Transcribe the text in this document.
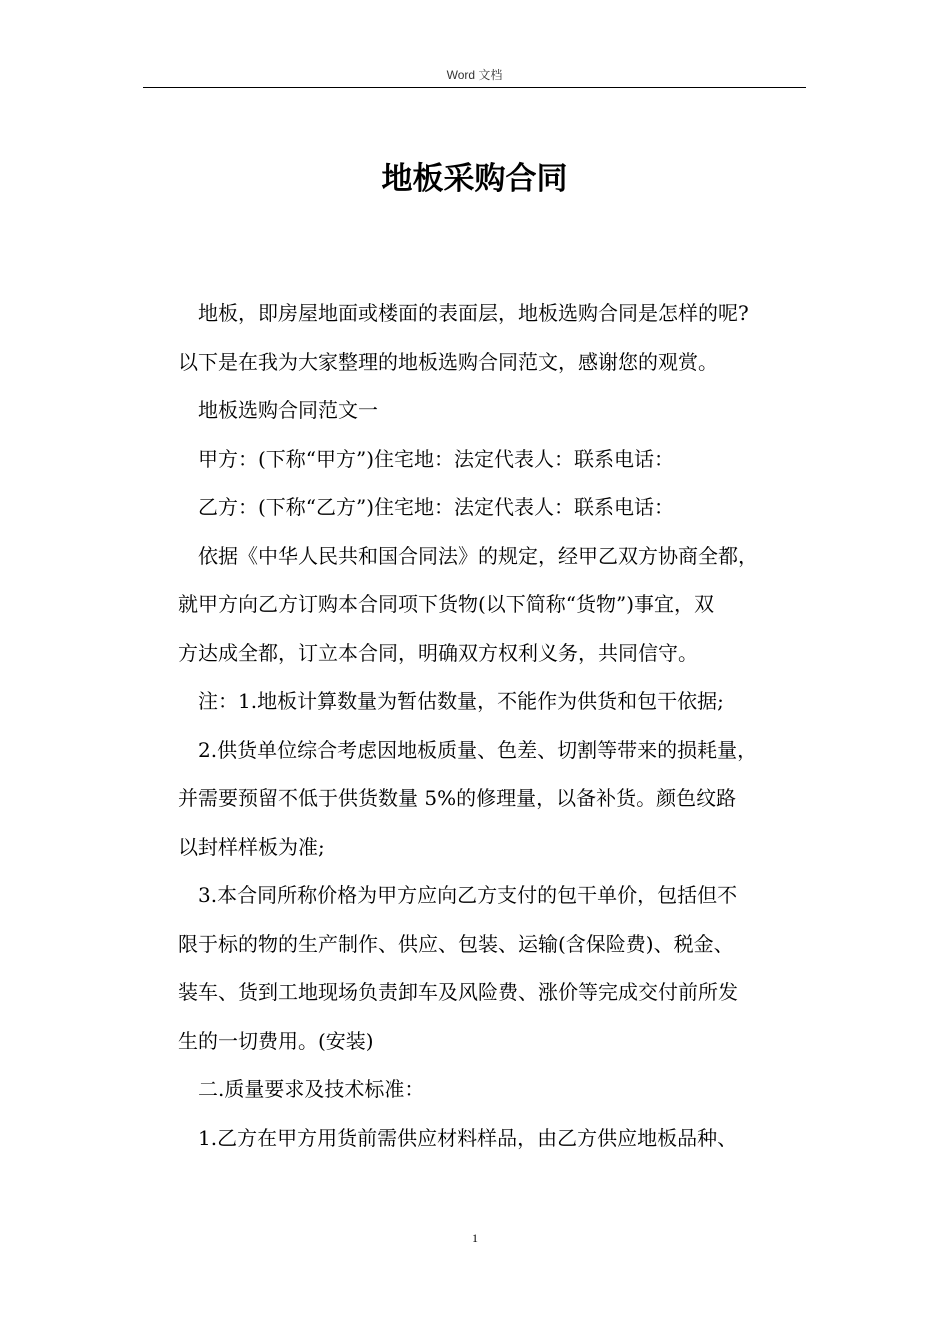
Word 文档
地板采购合同

　地板，即房屋地面或楼面的表面层，地板选购合同是怎样的呢?

以下是在我为大家整理的地板选购合同范文，感谢您的观赏。

　地板选购合同范文一

　甲方：(下称“甲方”)住宅地：法定代表人：联系电话：

　乙方：(下称“乙方”)住宅地：法定代表人：联系电话：

　依据《中华人民共和国合同法》的规定，经甲乙双方协商全都，

就甲方向乙方订购本合同项下货物(以下简称“货物”)事宜，双

方达成全都，订立本合同，明确双方权利义务，共同信守。

　注：1.地板计算数量为暂估数量，不能作为供货和包干依据;

　2.供货单位综合考虑因地板质量、色差、切割等带来的损耗量，

并需要预留不低于供货数量 5%的修理量，以备补货。颜色纹路

以封样样板为准;

　3.本合同所称价格为甲方应向乙方支付的包干单价，包括但不

限于标的物的生产制作、供应、包装、运输(含保险费)、税金、

装车、货到工地现场负责卸车及风险费、涨价等完成交付前所发

生的一切费用。(安装)

　二.质量要求及技术标准：

　1.乙方在甲方用货前需供应材料样品，由乙方供应地板品种、

1
